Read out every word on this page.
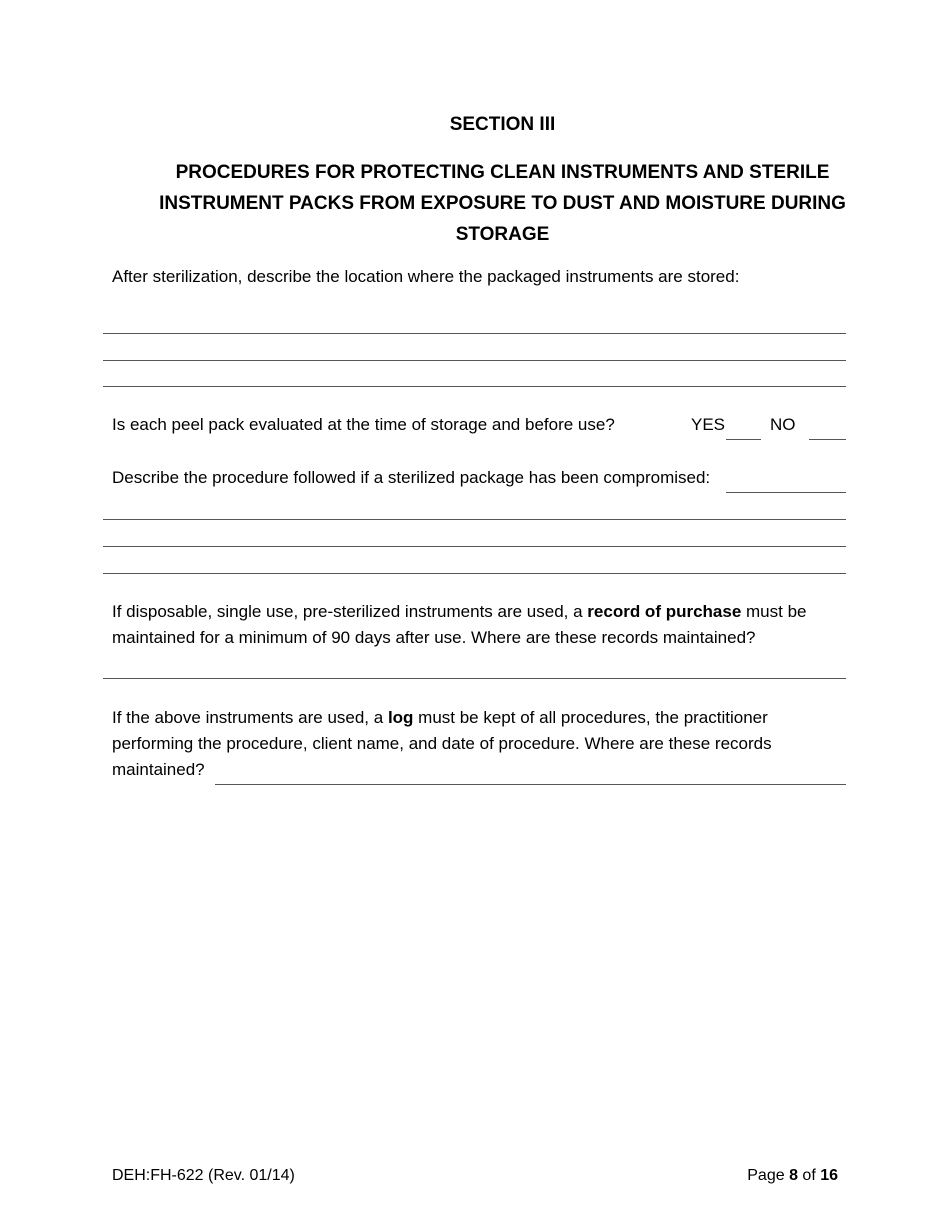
SECTION III
PROCEDURES FOR PROTECTING CLEAN INSTRUMENTS AND STERILE INSTRUMENT PACKS FROM EXPOSURE TO DUST AND MOISTURE DURING STORAGE
After sterilization, describe the location where the packaged instruments are stored:
Is each peel pack evaluated at the time of storage and before use?	YES	NO
Describe the procedure followed if a sterilized package has been compromised:
If disposable, single use, pre-sterilized instruments are used, a record of purchase must be maintained for a minimum of 90 days after use. Where are these records maintained?
If the above instruments are used, a log must be kept of all procedures, the practitioner performing the procedure, client name, and date of procedure. Where are these records maintained?
DEH:FH-622 (Rev. 01/14)	Page 8 of 16
